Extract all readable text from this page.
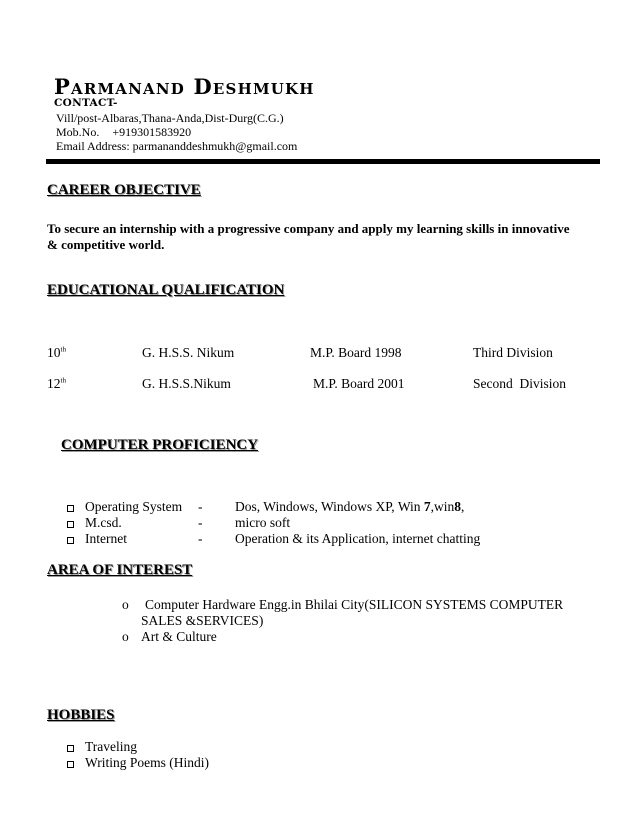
Parmanand Deshmukh
CONTACT-
Vill/post-Albaras,Thana-Anda,Dist-Durg(C.G.)
Mob.No. +919301583920
Email Address: parmananddeshmukh@gmail.com
CAREER OBJECTIVE
To secure an internship with a progressive company and apply my learning skills in innovative
& competitive world.
EDUCATIONAL QUALIFICATION
10th	G. H.S.S. Nikum	M.P. Board 1998	Third Division
12th	G. H.S.S.Nikum	M.P. Board 2001	Second  Division
COMPUTER PROFICIENCY
Operating System - Dos, Windows, Windows XP, Win 7,win8,
M.csd.	- micro soft
Internet	- Operation & its Application, internet chatting
AREA OF INTEREST
o Computer Hardware Engg.in Bhilai City(SILICON SYSTEMS COMPUTER
SALES &SERVICES)
o Art & Culture
HOBBIES
Traveling
Writing Poems (Hindi)
